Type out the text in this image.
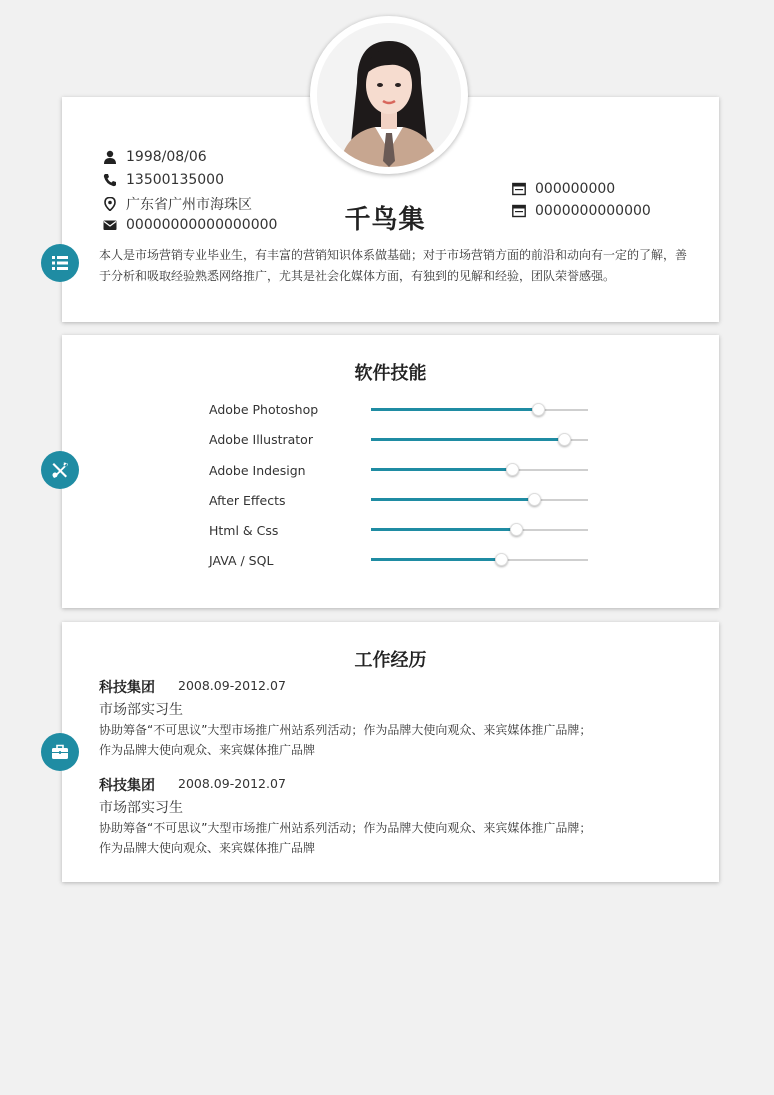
1998/08/06
13500135000
广东省广州市海珠区
00000000000000000	千鸟集
000000000
0000000000000
本人是市场营销专业毕业生，有丰富的营销知识体系做基础；对于市场营销方面的前沿和动向有一定的了解，善于分析和吸取经验熟悉网络推广，尤其是社会化媒体方面，有独到的见解和经验，团队荣誉感强。
软件技能
Adobe Photoshop
Adobe Illustrator
Adobe Indesign
After Effects
Html & Css
JAVA / SQL
工作经历
科技集团 2008.09-2012.07
市场部实习生
协助筹备“不可思议”大型市场推广州站系列活动；作为品牌大使向观众、来宾媒体推广品牌；
作为品牌大使向观众、来宾媒体推广品牌
科技集团 2008.09-2012.07
市场部实习生
协助筹备“不可思议”大型市场推广州站系列活动；作为品牌大使向观众、来宾媒体推广品牌；
作为品牌大使向观众、来宾媒体推广品牌
